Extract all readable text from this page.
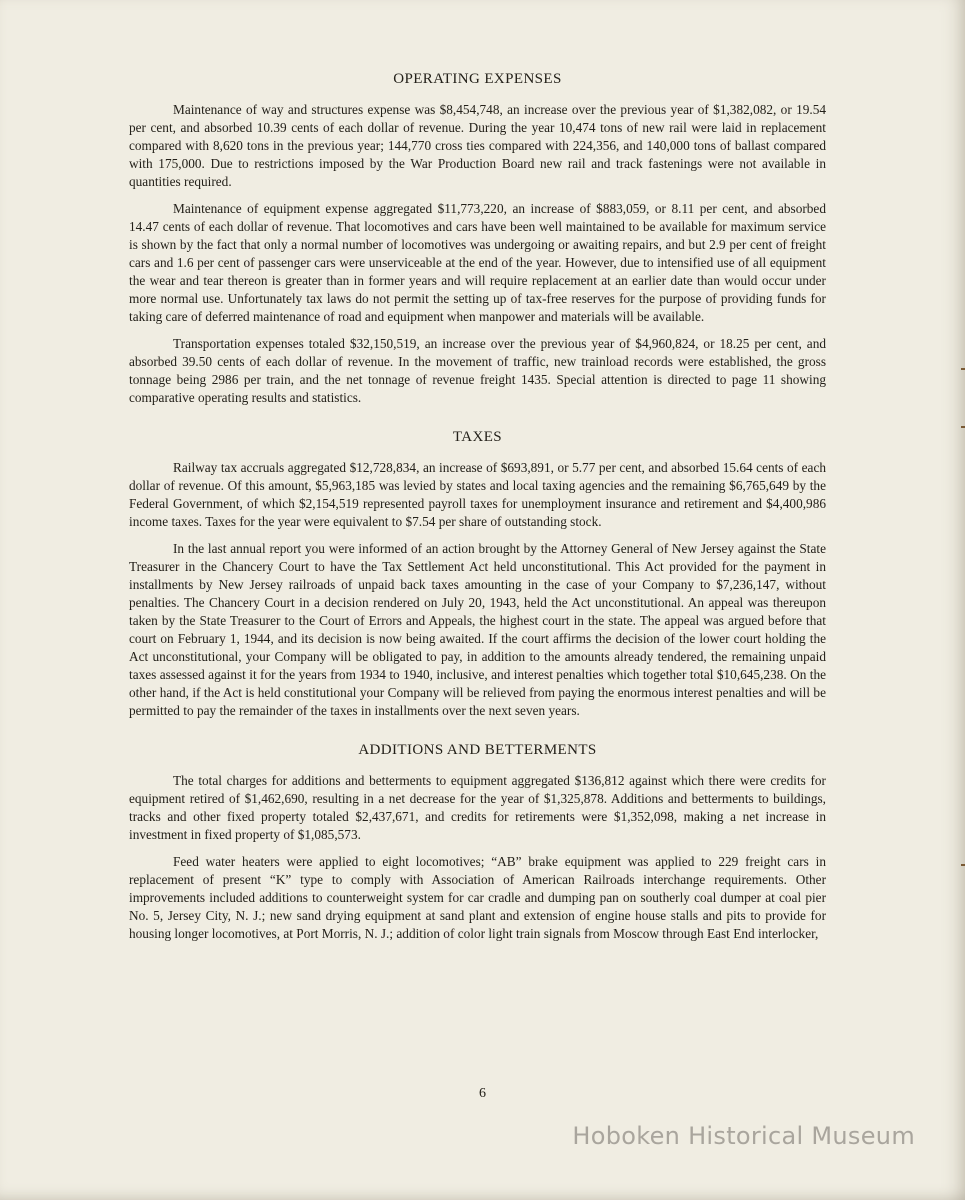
OPERATING EXPENSES

Maintenance of way and structures expense was $8,454,748, an increase over the previous year of $1,382,082, or 19.54 per cent, and absorbed 10.39 cents of each dollar of revenue. During the year 10,474 tons of new rail were laid in replacement compared with 8,620 tons in the previous year; 144,770 cross ties compared with 224,356, and 140,000 tons of ballast compared with 175,000. Due to restrictions imposed by the War Production Board new rail and track fastenings were not available in quantities required.

Maintenance of equipment expense aggregated $11,773,220, an increase of $883,059, or 8.11 per cent, and absorbed 14.47 cents of each dollar of revenue. That locomotives and cars have been well maintained to be available for maximum service is shown by the fact that only a normal number of locomotives was undergoing or awaiting repairs, and but 2.9 per cent of freight cars and 1.6 per cent of passenger cars were unserviceable at the end of the year. However, due to intensified use of all equipment the wear and tear thereon is greater than in former years and will require replacement at an earlier date than would occur under more normal use. Unfortunately tax laws do not permit the setting up of tax-free reserves for the purpose of providing funds for taking care of deferred maintenance of road and equipment when manpower and materials will be available.

Transportation expenses totaled $32,150,519, an increase over the previous year of $4,960,824, or 18.25 per cent, and absorbed 39.50 cents of each dollar of revenue. In the movement of traffic, new trainload records were established, the gross tonnage being 2986 per train, and the net tonnage of revenue freight 1435. Special attention is directed to page 11 showing comparative operating results and statistics.

TAXES

Railway tax accruals aggregated $12,728,834, an increase of $693,891, or 5.77 per cent, and absorbed 15.64 cents of each dollar of revenue. Of this amount, $5,963,185 was levied by states and local taxing agencies and the remaining $6,765,649 by the Federal Government, of which $2,154,519 represented payroll taxes for unemployment insurance and retirement and $4,400,986 income taxes. Taxes for the year were equivalent to $7.54 per share of outstanding stock.

In the last annual report you were informed of an action brought by the Attorney General of New Jersey against the State Treasurer in the Chancery Court to have the Tax Settlement Act held unconstitutional. This Act provided for the payment in installments by New Jersey railroads of unpaid back taxes amounting in the case of your Company to $7,236,147, without penalties. The Chancery Court in a decision rendered on July 20, 1943, held the Act unconstitutional. An appeal was thereupon taken by the State Treasurer to the Court of Errors and Appeals, the highest court in the state. The appeal was argued before that court on February 1, 1944, and its decision is now being awaited. If the court affirms the decision of the lower court holding the Act unconstitutional, your Company will be obligated to pay, in addition to the amounts already tendered, the remaining unpaid taxes assessed against it for the years from 1934 to 1940, inclusive, and interest penalties which together total $10,645,238. On the other hand, if the Act is held constitutional your Company will be relieved from paying the enormous interest penalties and will be permitted to pay the remainder of the taxes in installments over the next seven years.

ADDITIONS AND BETTERMENTS

The total charges for additions and betterments to equipment aggregated $136,812 against which there were credits for equipment retired of $1,462,690, resulting in a net decrease for the year of $1,325,878. Additions and betterments to buildings, tracks and other fixed property totaled $2,437,671, and credits for retirements were $1,352,098, making a net increase in investment in fixed property of $1,085,573.

Feed water heaters were applied to eight locomotives; “AB” brake equipment was applied to 229 freight cars in replacement of present “K” type to comply with Association of American Railroads interchange requirements. Other improvements included additions to counterweight system for car cradle and dumping pan on southerly coal dumper at coal pier No. 5, Jersey City, N. J.; new sand drying equipment at sand plant and extension of engine house stalls and pits to provide for housing longer locomotives, at Port Morris, N. J.; addition of color light train signals from Moscow through East End interlocker,

6
Hoboken Historical Museum
